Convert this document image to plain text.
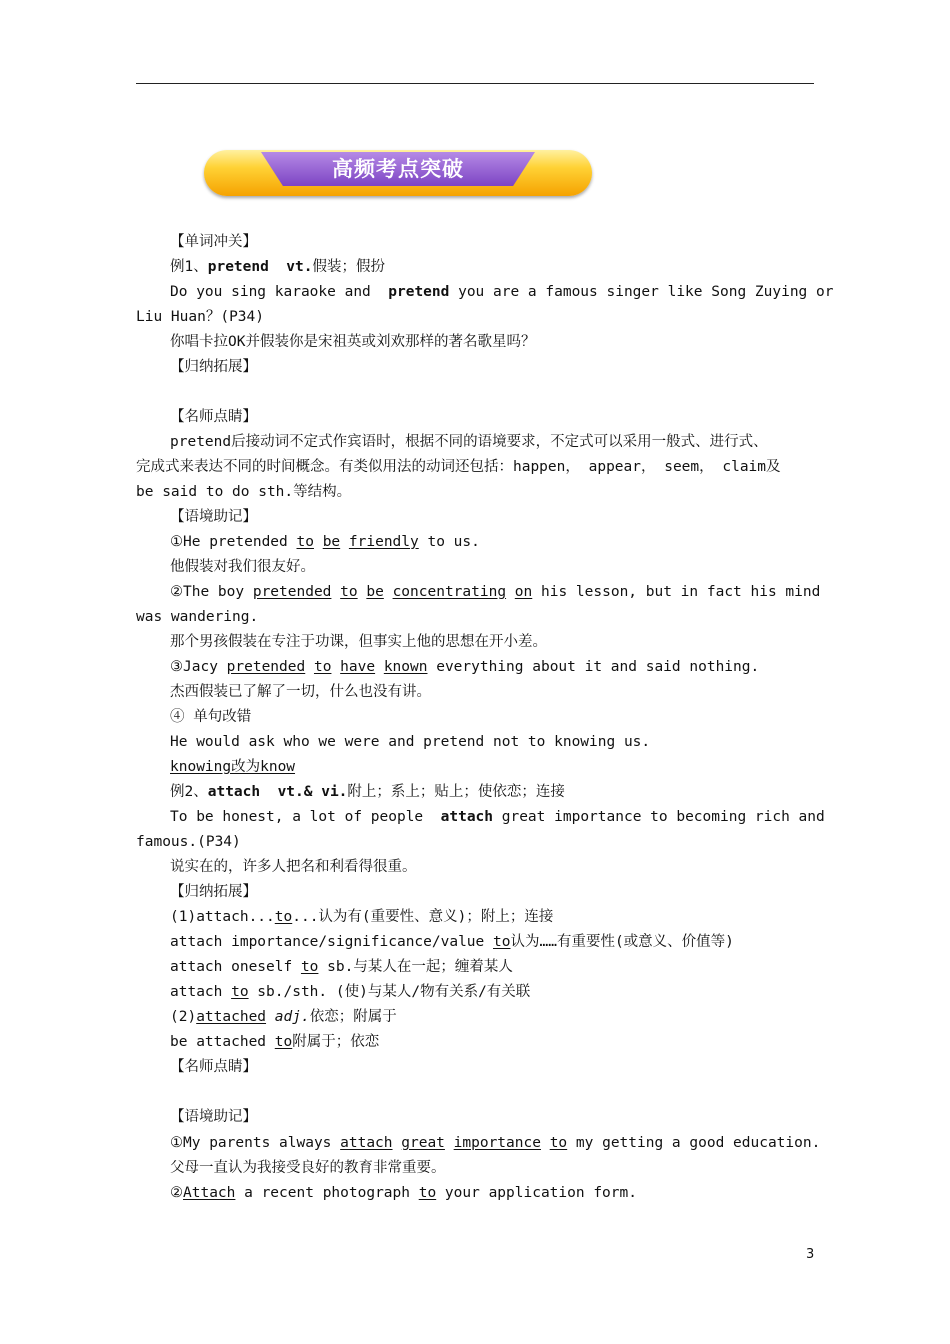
高频考点突破
【单词冲关】
例1、pretend  vt.假装；假扮
Do you sing karaoke and  pretend you are a famous singer like Song Zuying or
Liu Huan？(P34)
你唱卡拉OK并假装你是宋祖英或刘欢那样的著名歌星吗？
【归纳拓展】
【名师点睛】
pretend后接动词不定式作宾语时，根据不同的语境要求，不定式可以采用一般式、进行式、
完成式来表达不同的时间概念。有类似用法的动词还包括：happen， appear， seem， claim及
be said to do sth.等结构。
【语境助记】
①He pretended to be friendly to us.
他假装对我们很友好。
②The boy pretended to be concentrating on his lesson, but in fact his mind
was wandering.
那个男孩假装在专注于功课，但事实上他的思想在开小差。
③Jacy pretended to have known everything about it and said nothing.
杰西假装已了解了一切，什么也没有讲。
④ 单句改错
He would ask who we were and pretend not to knowing us.
knowing改为know
例2、attach  vt.& vi.附上；系上；贴上；使依恋；连接
To be honest, a lot of people  attach great importance to becoming rich and
famous.(P34)
说实在的，许多人把名和利看得很重。
【归纳拓展】
(1)attach...to...认为有(重要性、意义)；附上；连接
attach importance/significance/value to认为……有重要性(或意义、价值等)
attach oneself to sb.与某人在一起；缠着某人
attach to sb./sth. (使)与某人/物有关系/有关联
(2)attached adj.依恋；附属于
be attached to附属于；依恋
【名师点睛】
【语境助记】
①My parents always attach great importance to my getting a good education.
父母一直认为我接受良好的教育非常重要。
②Attach a recent photograph to your application form.
3
